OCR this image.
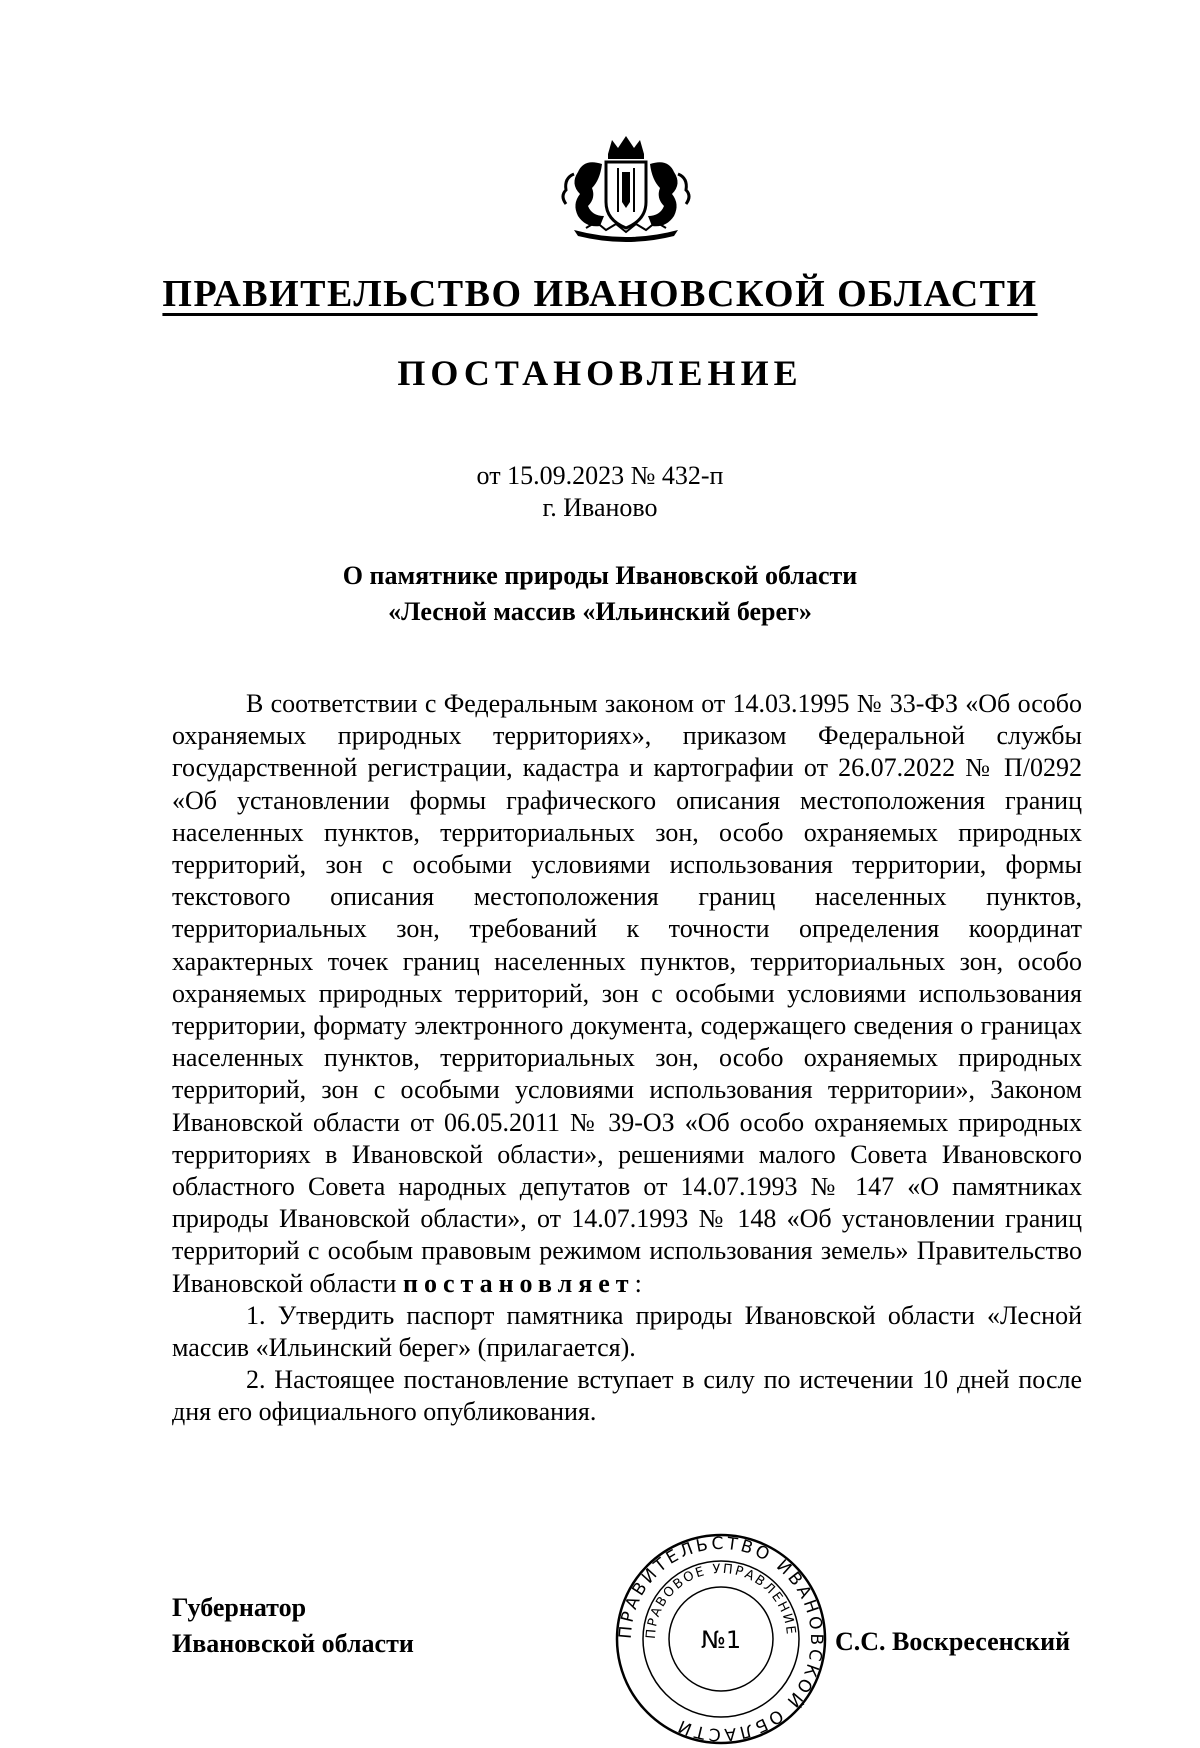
ПРАВИТЕЛЬСТВО ИВАНОВСКОЙ ОБЛАСТИ
ПОСТАНОВЛЕНИЕ
от 15.09.2023 № 432-п
г. Иваново
О памятнике природы Ивановской области
«Лесной массив «Ильинский берег»

В соответствии с Федеральным законом от 14.03.1995 № 33-ФЗ «Об особо охраняемых природных территориях», приказом Федеральной службы государственной регистрации, кадастра и картографии от 26.07.2022 № П/0292 «Об установлении формы графического описания местоположения границ населенных пунктов, территориальных зон, особо охраняемых природных территорий, зон с особыми условиями использования территории, формы текстового описания местоположения границ населенных пунктов, территориальных зон, требований к точности определения координат характерных точек границ населенных пунктов, территориальных зон, особо охраняемых природных территорий, зон с особыми условиями использования территории, формату электронного документа, содержащего сведения о границах населенных пунктов, территориальных зон, особо охраняемых природных территорий, зон с особыми условиями использования территории», Законом Ивановской области от 06.05.2011 № 39-ОЗ «Об особо охраняемых природных территориях в Ивановской области», решениями малого Совета Ивановского областного Совета народных депутатов от 14.07.1993 № 147 «О памятниках природы Ивановской области», от 14.07.1993 № 148 «Об установлении границ территорий с особым правовым режимом использования земель» Правительство Ивановской области постановляет:

1. Утвердить паспорт памятника природы Ивановской области «Лесной массив «Ильинский берег» (прилагается).

2. Настоящее постановление вступает в силу по истечении 10 дней после дня его официального опубликования.

Губернатор
Ивановской области	ПРАВИТЕЛЬСТВО ИВАНОВСКОЙ ОБЛАСТИ
ПРАВОВОЕ УПРАВЛЕНИЕ
№1	С.С. Воскресенский
